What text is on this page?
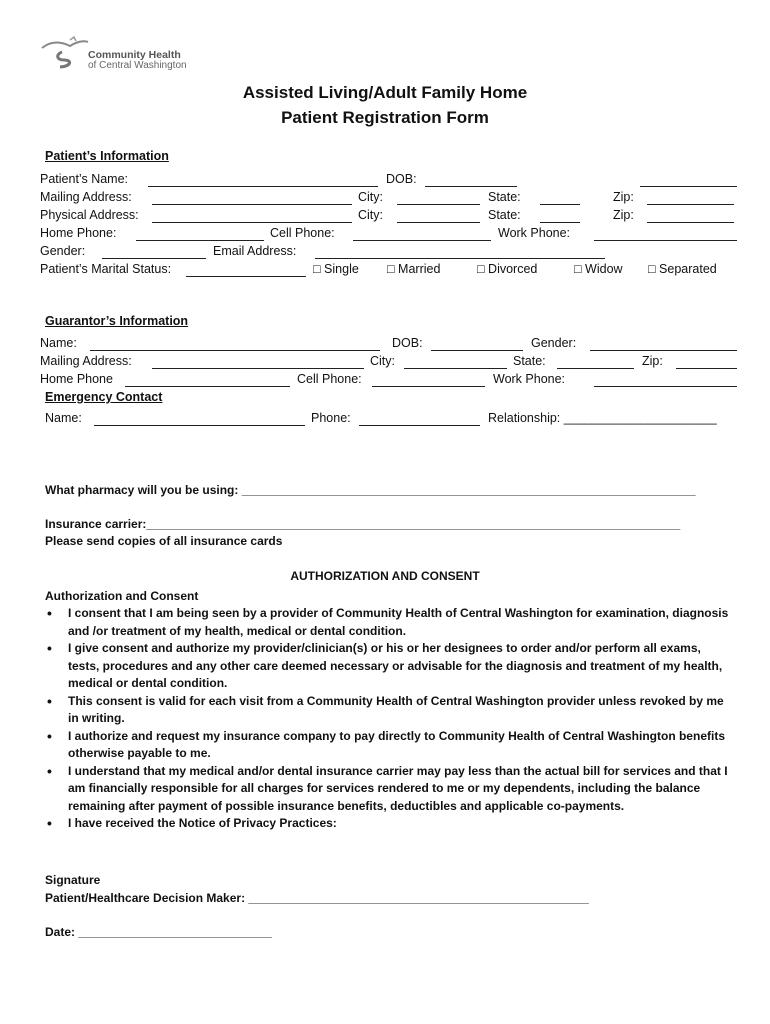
Community Health
of Central Washington
Assisted Living/Adult Family Home
Patient Registration Form
Patient’s Information
Patient’s Name:	DOB:
Mailing Address:	City:	State:	Zip:
Physical Address:	City:	State:	Zip:
Home Phone:	Cell Phone:	Work Phone:
Gender:	Email Address:
Patient’s Marital Status:	□ Single □ Married	□ Divorced	□ Widow □ Separated
Guarantor’s Information
Name:	DOB:	Gender:
Mailing Address:	City:	State:	Zip:
Home Phone	Cell Phone:	Work Phone:
Emergency Contact
Name:	Phone:	Relationship: ______________________
What pharmacy will you be using: ____________________________________________________________________
Insurance carrier:________________________________________________________________________________
Please send copies of all insurance cards
AUTHORIZATION AND CONSENT
Authorization and Consent
• I consent that I am being seen by a provider of Community Health of Central Washington for examination, diagnosis and /or treatment of my health, medical or dental condition.
• I give consent and authorize my provider/clinician(s) or his or her designees to order and/or perform all exams, tests, procedures and any other care deemed necessary or advisable for the diagnosis and treatment of my health, medical or dental condition.
• This consent is valid for each visit from a Community Health of Central Washington provider unless revoked by me in writing.
• I authorize and request my insurance company to pay directly to Community Health of Central Washington benefits otherwise payable to me.
• I understand that my medical and/or dental insurance carrier may pay less than the actual bill for services and that I am financially responsible for all charges for services rendered to me or my dependents, including the balance remaining after payment of possible insurance benefits, deductibles and applicable co-payments.
• I have received the Notice of Privacy Practices:
Signature
Patient/Healthcare Decision Maker: ___________________________________________________
Date: _____________________________
